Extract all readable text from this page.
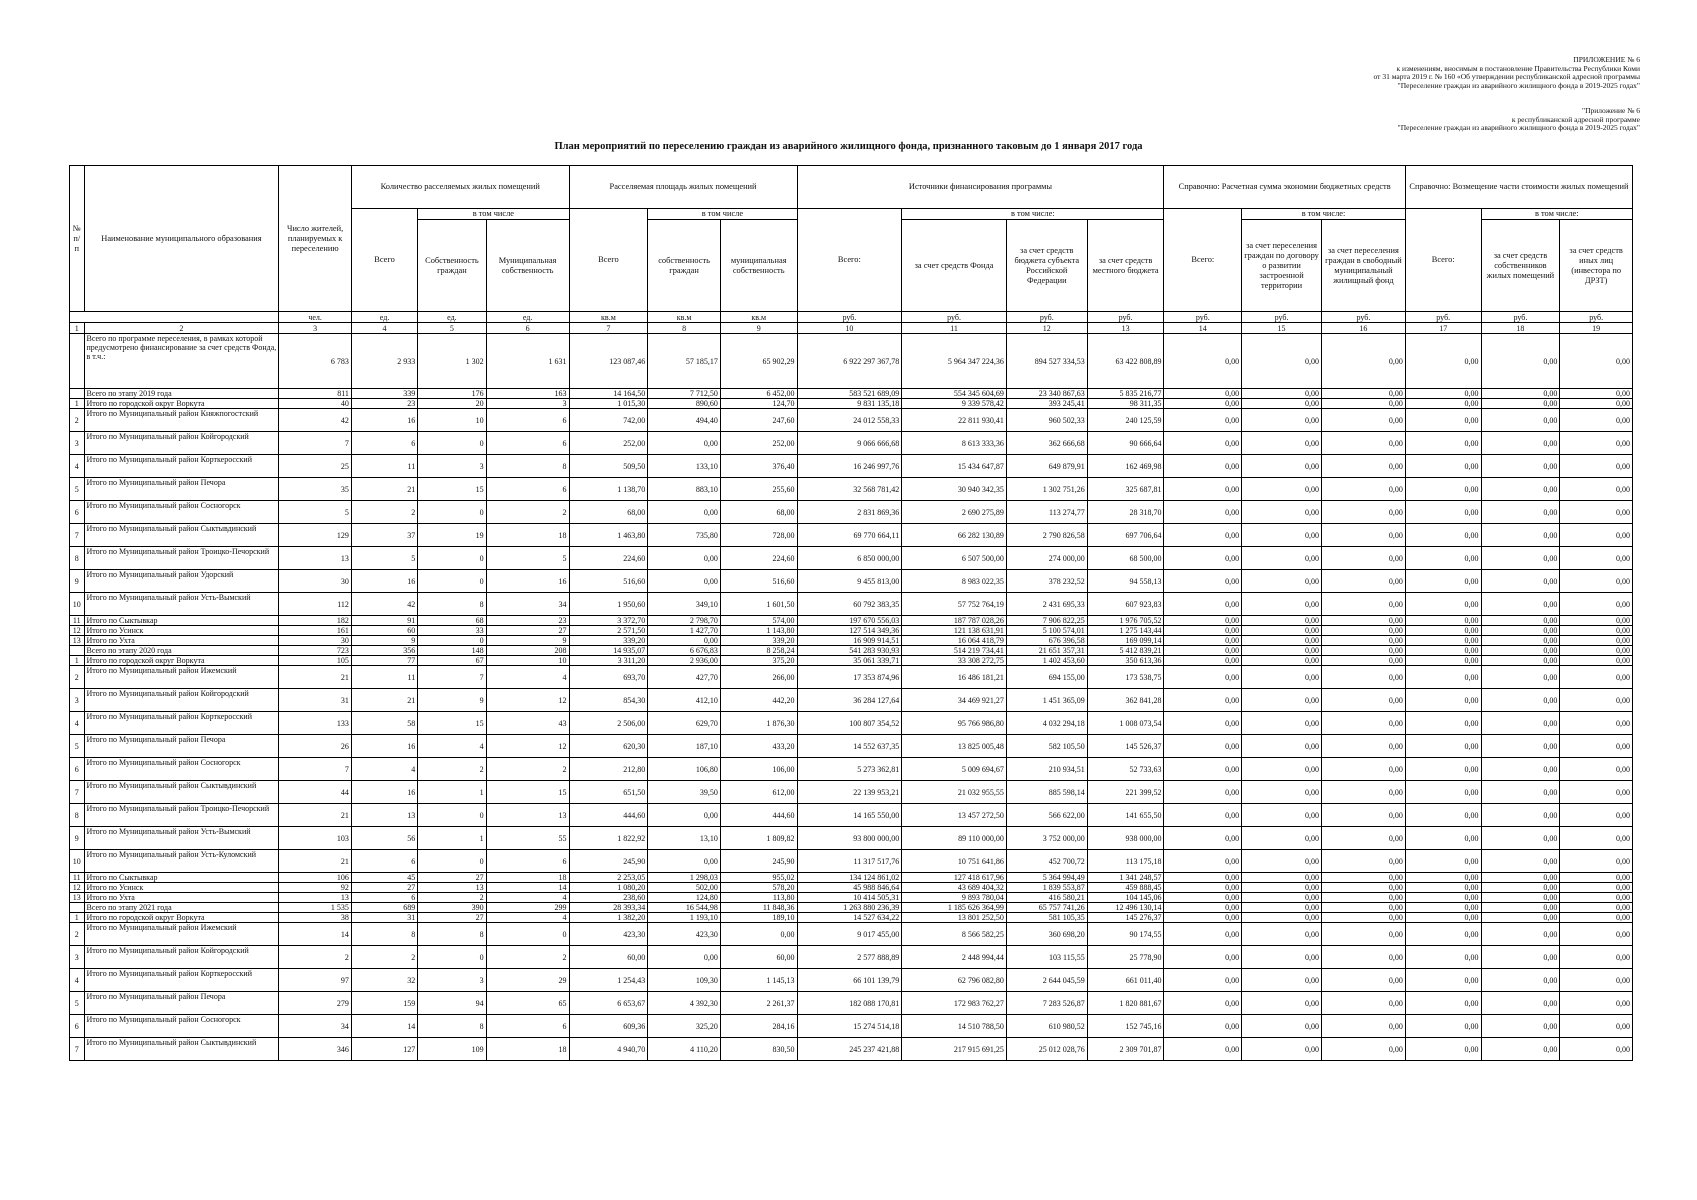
ПРИЛОЖЕНИЕ № 6
к изменениям, вносимым в постановление Правительства Республики Коми
от 31 марта 2019 г. № 160 «Об утверждении республиканской адресной программы
"Переселение граждан из аварийного жилищного фонда в 2019-2025 годах"
"Приложение № 6
к республиканской адресной программе
"Переселение граждан из аварийного жилищного фонда в 2019-2025 годах"
План мероприятий по переселению граждан из аварийного жилищного фонда, признанного таковым до 1 января 2017 года
№ п/п	Наименование муниципального образования	Число жителей, планируемых к переселению	Количество расселяемых жилых помещений			Расселяемая площадь жилых помещений			Источники финансирования программы				Справочно: Расчетная сумма экономии бюджетных средств			Справочно: Возмещение части стоимости жилых помещений		
			Всего	в том числе		Всего	в том числе		Всего:	в том числе:			Всего:	в том числе:		Всего:	в том числе:	
				Собственность граждан	Муниципальная собственность		собственность граждан	муниципальная собственность		за счет средств Фонда	за счет средств бюджета субъекта Российской Федерации	за счет средств местного бюджета		за счет переселения граждан по договору о развитии застроенной территории	за счет переселения граждан в свободный муниципальный жилищный фонд		за счет средств собственников жилых помещений	за счет средств иных лиц (инвестора по ДРЗТ)
		чел.	ед.	ед.	ед.	кв.м	кв.м	кв.м	руб.	руб.	руб.	руб.	руб.	руб.	руб.	руб.	руб.	руб.
1	2	3	4	5	6	7	8	9	10	11	12	13	14	15	16	17	18	19
	Всего по программе переселения, в рамках которой предусмотрено финансирование за счет средств Фонда, в т.ч.:	6 783	2 933	1 302	1 631	123 087,46	57 185,17	65 902,29	6 922 297 367,78	5 964 347 224,36	894 527 334,53	63 422 808,89	0,00	0,00	0,00	0,00	0,00	0,00
	Всего по этапу 2019 года	811	339	176	163	14 164,50	7 712,50	6 452,00	583 521 689,09	554 345 604,69	23 340 867,63	5 835 216,77	0,00	0,00	0,00	0,00	0,00	0,00
1	Итого по городской округ Воркута	40	23	20	3	1 015,30	890,60	124,70	9 831 135,18	9 339 578,42	393 245,41	98 311,35	0,00	0,00	0,00	0,00	0,00	0,00
2	Итого по Муниципальный район Княжпогостский	42	16	10	6	742,00	494,40	247,60	24 012 558,33	22 811 930,41	960 502,33	240 125,59	0,00	0,00	0,00	0,00	0,00	0,00
3	Итого по Муниципальный район Койгородский	7	6	0	6	252,00	0,00	252,00	9 066 666,68	8 613 333,36	362 666,68	90 666,64	0,00	0,00	0,00	0,00	0,00	0,00
4	Итого по Муниципальный район Корткеросский	25	11	3	8	509,50	133,10	376,40	16 246 997,76	15 434 647,87	649 879,91	162 469,98	0,00	0,00	0,00	0,00	0,00	0,00
5	Итого по Муниципальный район Печора	35	21	15	6	1 138,70	883,10	255,60	32 568 781,42	30 940 342,35	1 302 751,26	325 687,81	0,00	0,00	0,00	0,00	0,00	0,00
6	Итого по Муниципальный район Сосногорск	5	2	0	2	68,00	0,00	68,00	2 831 869,36	2 690 275,89	113 274,77	28 318,70	0,00	0,00	0,00	0,00	0,00	0,00
7	Итого по Муниципальный район Сыктывдинский	129	37	19	18	1 463,80	735,80	728,00	69 770 664,11	66 282 130,89	2 790 826,58	697 706,64	0,00	0,00	0,00	0,00	0,00	0,00
8	Итого по Муниципальный район Троицко-Печорский	13	5	0	5	224,60	0,00	224,60	6 850 000,00	6 507 500,00	274 000,00	68 500,00	0,00	0,00	0,00	0,00	0,00	0,00
9	Итого по Муниципальный район Удорский	30	16	0	16	516,60	0,00	516,60	9 455 813,00	8 983 022,35	378 232,52	94 558,13	0,00	0,00	0,00	0,00	0,00	0,00
10	Итого по Муниципальный район Усть-Вымский	112	42	8	34	1 950,60	349,10	1 601,50	60 792 383,35	57 752 764,19	2 431 695,33	607 923,83	0,00	0,00	0,00	0,00	0,00	0,00
11	Итого по Сыктывкар	182	91	68	23	3 372,70	2 798,70	574,00	197 670 556,03	187 787 028,26	7 906 822,25	1 976 705,52	0,00	0,00	0,00	0,00	0,00	0,00
12	Итого по Усинск	161	60	33	27	2 571,50	1 427,70	1 143,80	127 514 349,36	121 138 631,91	5 100 574,01	1 275 143,44	0,00	0,00	0,00	0,00	0,00	0,00
13	Итого по Ухта	30	9	0	9	339,20	0,00	339,20	16 909 914,51	16 064 418,79	676 396,58	169 099,14	0,00	0,00	0,00	0,00	0,00	0,00
	Всего по этапу 2020 года	723	356	148	208	14 935,07	6 676,83	8 258,24	541 283 930,93	514 219 734,41	21 651 357,31	5 412 839,21	0,00	0,00	0,00	0,00	0,00	0,00
1	Итого по городской округ Воркута	105	77	67	10	3 311,20	2 936,00	375,20	35 061 339,71	33 308 272,75	1 402 453,60	350 613,36	0,00	0,00	0,00	0,00	0,00	0,00
2	Итого по Муниципальный район Ижемский	21	11	7	4	693,70	427,70	266,00	17 353 874,96	16 486 181,21	694 155,00	173 538,75	0,00	0,00	0,00	0,00	0,00	0,00
3	Итого по Муниципальный район Койгородский	31	21	9	12	854,30	412,10	442,20	36 284 127,64	34 469 921,27	1 451 365,09	362 841,28	0,00	0,00	0,00	0,00	0,00	0,00
4	Итого по Муниципальный район Корткеросский	133	58	15	43	2 506,00	629,70	1 876,30	100 807 354,52	95 766 986,80	4 032 294,18	1 008 073,54	0,00	0,00	0,00	0,00	0,00	0,00
5	Итого по Муниципальный район Печора	26	16	4	12	620,30	187,10	433,20	14 552 637,35	13 825 005,48	582 105,50	145 526,37	0,00	0,00	0,00	0,00	0,00	0,00
6	Итого по Муниципальный район Сосногорск	7	4	2	2	212,80	106,80	106,00	5 273 362,81	5 009 694,67	210 934,51	52 733,63	0,00	0,00	0,00	0,00	0,00	0,00
7	Итого по Муниципальный район Сыктывдинский	44	16	1	15	651,50	39,50	612,00	22 139 953,21	21 032 955,55	885 598,14	221 399,52	0,00	0,00	0,00	0,00	0,00	0,00
8	Итого по Муниципальный район Троицко-Печорский	21	13	0	13	444,60	0,00	444,60	14 165 550,00	13 457 272,50	566 622,00	141 655,50	0,00	0,00	0,00	0,00	0,00	0,00
9	Итого по Муниципальный район Усть-Вымский	103	56	1	55	1 822,92	13,10	1 809,82	93 800 000,00	89 110 000,00	3 752 000,00	938 000,00	0,00	0,00	0,00	0,00	0,00	0,00
10	Итого по Муниципальный район Усть-Куломский	21	6	0	6	245,90	0,00	245,90	11 317 517,76	10 751 641,86	452 700,72	113 175,18	0,00	0,00	0,00	0,00	0,00	0,00
11	Итого по Сыктывкар	106	45	27	18	2 253,05	1 298,03	955,02	134 124 861,02	127 418 617,96	5 364 994,49	1 341 248,57	0,00	0,00	0,00	0,00	0,00	0,00
12	Итого по Усинск	92	27	13	14	1 080,20	502,00	578,20	45 988 846,64	43 689 404,32	1 839 553,87	459 888,45	0,00	0,00	0,00	0,00	0,00	0,00
13	Итого по Ухта	13	6	2	4	238,60	124,80	113,80	10 414 505,31	9 893 780,04	416 580,21	104 145,06	0,00	0,00	0,00	0,00	0,00	0,00
	Всего по этапу 2021 года	1 535	689	390	299	28 393,34	16 544,98	11 848,36	1 263 880 236,39	1 185 626 364,99	65 757 741,26	12 496 130,14	0,00	0,00	0,00	0,00	0,00	0,00
1	Итого по городской округ Воркута	38	31	27	4	1 382,20	1 193,10	189,10	14 527 634,22	13 801 252,50	581 105,35	145 276,37	0,00	0,00	0,00	0,00	0,00	0,00
2	Итого по Муниципальный район Ижемский	14	8	8	0	423,30	423,30	0,00	9 017 455,00	8 566 582,25	360 698,20	90 174,55	0,00	0,00	0,00	0,00	0,00	0,00
3	Итого по Муниципальный район Койгородский	2	2	0	2	60,00	0,00	60,00	2 577 888,89	2 448 994,44	103 115,55	25 778,90	0,00	0,00	0,00	0,00	0,00	0,00
4	Итого по Муниципальный район Корткеросский	97	32	3	29	1 254,43	109,30	1 145,13	66 101 139,79	62 796 082,80	2 644 045,59	661 011,40	0,00	0,00	0,00	0,00	0,00	0,00
5	Итого по Муниципальный район Печора	279	159	94	65	6 653,67	4 392,30	2 261,37	182 088 170,81	172 983 762,27	7 283 526,87	1 820 881,67	0,00	0,00	0,00	0,00	0,00	0,00
6	Итого по Муниципальный район Сосногорск	34	14	8	6	609,36	325,20	284,16	15 274 514,18	14 510 788,50	610 980,52	152 745,16	0,00	0,00	0,00	0,00	0,00	0,00
7	Итого по Муниципальный район Сыктывдинский	346	127	109	18	4 940,70	4 110,20	830,50	245 237 421,88	217 915 691,25	25 012 028,76	2 309 701,87	0,00	0,00	0,00	0,00	0,00	0,00
